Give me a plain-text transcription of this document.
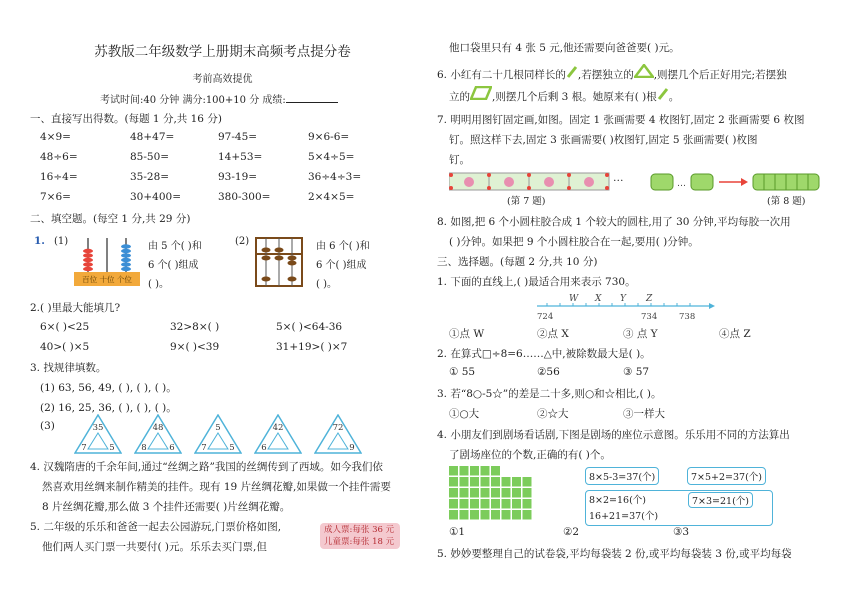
苏教版二年级数学上册期末高频考点提分卷
考前高效提优
考试时间:40 分钟 满分:100+10 分 成绩:
一、直接写出得数。(每题 1 分,共 16 分)
4×9=	48+47=	97-45=	9×6-6=
48÷6=	85-50=	14+53=	5×4÷5=
16÷4=	35-28=	93-19=	36÷4÷3=
7×6=	30+400=	380-300=	2×4×5=
二、填空题。(每空 1 分,共 29 分)
1. (1)
百位 十位 个位
由 5 个( )和
6 个( )组成
( )。
(2)	由 6 个( )和
6 个( )组成
( )。
2.( )里最大能填几?
6×( )<25	32>8×( )	5×( )<64-36
40>( )×5	9×( )<39	31+19>( )×7
3. 找规律填数。
(1) 63, 56, 49, ( ), ( ), ( )。
(2) 16, 25, 36, ( ), ( ), ( )。
(3)	35
7	5
48
8	6
5
7	5
42
6
72
9
4. 汉魏隋唐的千余年间,通过“丝绸之路”我国的丝绸传到了西域。如今我们依
然喜欢用丝绸来制作精美的挂件。现有 19 片丝绸花瓣,如果做一个挂件需要
8 片丝绸花瓣,那么做 3 个挂件还需要( )片丝绸花瓣。
5. 二年级的乐乐和爸爸一起去公园游玩,门票价格如图,
他们两人买门票一共要付( )元。乐乐去买门票,但
成人票:每张 36 元
儿童票:每张 18 元
他口袋里只有 4 张 5 元,他还需要向爸爸要( )元。
6. 小红有二十几根同样长的 ,若摆独立的 ,则摆几个后正好用完;若摆独
立的 ,则摆几个后剩 3 根。她原来有( )根 。
7. 明明用图钉固定画,如图。固定 1 张画需要 4 枚图钉,固定 2 张画需要 6 枚图
钉。照这样下去,固定 3 张画需要( )枚图钉,固定 5 张画需要( )枚图
钉。
…
(第 7 题)
…
(第 8 题)
8. 如图,把 6 个小圆柱胶合成 1 个较大的圆柱,用了 30 分钟,平均每胶一次用
( )分钟。如果把 9 个小圆柱胶合在一起,要用( )分钟。
三、选择题。(每题 2 分,共 10 分)
1. 下面的直线上,( )最适合用来表示 730。
W X Y Z
724	734	738
①点 W	②点 X	③ 点 Y	④点 Z
2. 在算式□÷8=6……△中,被除数最大是( )。
① 55	②56	③ 57
3. 若“8○-5☆”的差是二十多,则○和☆相比,( )。
①○大	②☆大	③一样大
4. 小朋友们到剧场看话剧,下图是剧场的座位示意图。乐乐用不同的方法算出
了剧场座位的个数,正确的有( )个。
8×5-3=37(个)	7×5+2=37(个)
8×2=16(个)	7×3=21(个)
16+21=37(个)
①1	②2	③3
5. 妙妙要整理自己的试卷袋,平均每袋装 2 份,或平均每袋装 3 份,或平均每袋
